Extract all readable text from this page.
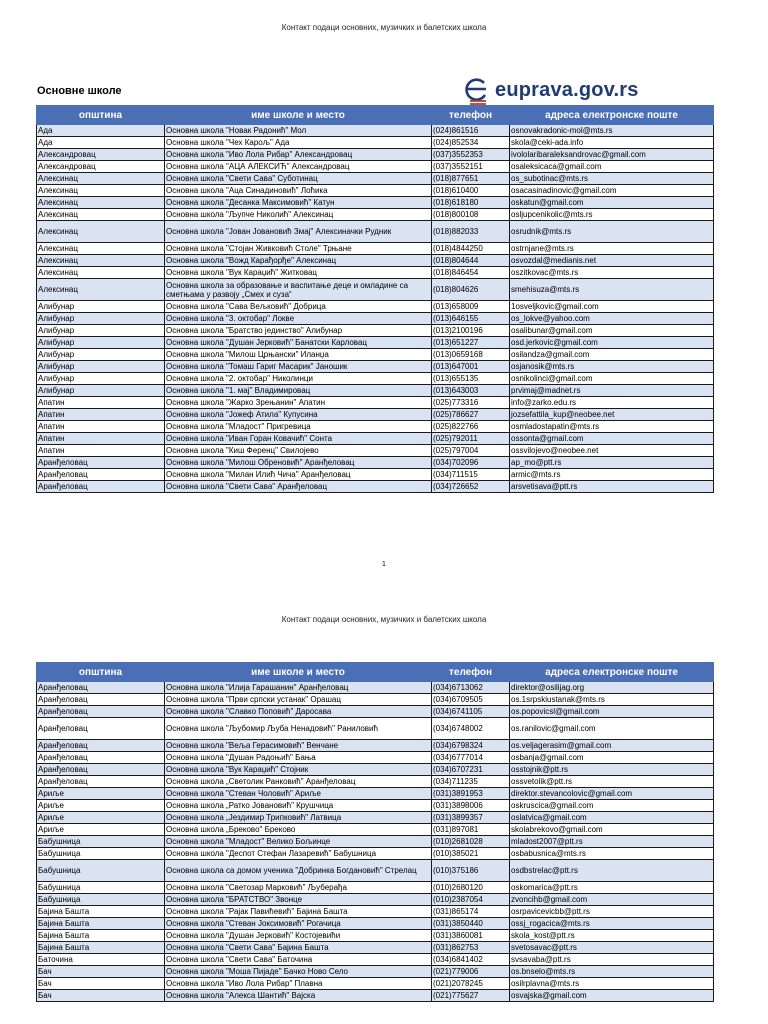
Контакт подаци основних, музичких и балетских школа
Основне школе	euprava.gov.rs
општина	име школе и место	телефон	адреса електронске поште
Ада	Основна школа "Новак Радонић" Мол	(024)861516	osnovakradonic-mol@mts.rs
Ада	Основна школа "Чех Карољ" Ада	(024)852534	skola@ceki-ada.info
Александровац	Основна школа "Иво Лола Рибар" Александровац	(037)3552353	ivololaribaraleksandrovac@gmail.com
Александровац	Основна школа "АЦА АЛЕКСИЋ" Александровац	(037)3552151	osaleksicaca@gmail.com
Алексинац	Основна школа "Свети Сава" Суботинац	(018)877651	os_subotinac@mts.rs
Алексинац	Основна школа "Аца Синадиновић" Лоћика	(018)610400	osacasinadinovic@gmail.com
Алексинац	Основна школа "Десанка Максимовић" Катун	(018)618180	oskatun@gmail.com
Алексинац	Основна школа "Љупче Николић" Алексинац	(018)800108	osljupcenikolic@mts.rs
Алексинац	Основна школа "Јован Јовановић Змај" Алексиначки Рудник	(018)882033	osrudnik@mts.rs
Алексинац	Основна школа "Стојан Живковић Столе" Трњане	(018)4844250	ostrnjane@mts.rs
Алексинац	Основна школа "Вожд Карађорђе" Алексинац	(018)804644	osvozdal@medianis.net
Алексинац	Основна школа "Вук Караџић" Житковац	(018)846454	oszitkovac@mts.rs
Алексинац	Основна школа за образовање и васпитање деце и омладине са сметњама у развоју „Смех и суза“	(018)804626	smehisuza@mts.rs
Алибунар	Основна школа "Сава Вељковић" Добрица	(013)658009	1osveljkovic@gmail.com
Алибунар	Основна школа "3. октобар" Локве	(013)646155	os_lokve@yahoo.com
Алибунар	Основна школа "Братство јединство" Алибунар	(013)2100196	osalibunar@gmail.com
Алибунар	Основна школа "Душан Јерковић" Банатски Карловац	(013)651227	osd.jerkovic@gmail.com
Алибунар	Основна школа "Милош Црњански" Иланџа	(013)0659168	osilandza@gmail.com
Алибунар	Основна школа "Томаш Гариг Масарик" Јаношик	(013)647001	osjanosik@mts.rs
Алибунар	Основна школа "2. октобар" Николинци	(013)655135	osnikolinci@gmail.com
Алибунар	Основна школа "1. мај" Владимировац	(013)643003	prvimaj@madnet.rs
Апатин	Основна школа "Жарко Зрењанин" Апатин	(025)773316	info@zarko.edu.rs
Апатин	Основна школа "Јожеф Атила" Купусина	(025)786627	jozsefattila_kup@neobee.net
Апатин	Основна школа "Младост" Пригревица	(025)822766	osmladostapatin@mts.rs
Апатин	Основна школа "Иван Горан Ковачић" Сонта	(025)792011	ossonta@gmail.com
Апатин	Основна школа "Киш Ференц" Свилојево	(025)797004	ossvilojevo@neobee.net
Аранђеловац	Основна школа "Милош Обреновић" Аранђеловац	(034)702096	ap_mo@ptt.rs
Аранђеловац	Основна школа "Милан Илић Чича" Аранђеловац	(034)711515	armic@mts.rs
Аранђеловац	Основна школа "Свети Сава" Аранђеловац	(034)726652	arsvetisava@ptt.rs
1
Контакт подаци основних, музичких и балетских школа
општина	име школе и место	телефон	адреса електронске поште
Аранђеловац	Основна школа "Илија Гарашанин" Аранђеловац	(034)6713062	direktor@osilijag.org
Аранђеловац	Основна школа "Први српски устанак" Орашац	(034)6709505	os.1srpskiustanak@mts.rs
Аранђеловац	Основна школа "Славко Поповић" Даросава	(034)6741105	os.popovicsl@gmail.com
Аранђеловац	Основна школа "Љубомир Љуба Ненадовић" Раниловић	(034)6748002	os.ranilovic@gmail.com
Аранђеловац	Основна школа "Веља Герасимовић" Венчане	(034)6798324	os.veljagerasim@gmail.com
Аранђеловац	Основна школа "Душан Радоњић" Бања	(034)6777014	osbanja@gmail.com
Аранђеловац	Основна школа "Вук Караџић" Стојник	(034)6707231	osstojnik@ptt.rs
Аранђеловац	Основна школа „Светолик Ранковић" Аранђеловац	(034)711235	ossvetolik@ptt.rs
Ариље	Основна школа "Стеван Чоловић" Ариље	(031)3891953	direktor.stevancolovic@gmail.com
Ариље	Основна школа „Ратко Јовановић" Крушчица	(031)3898006	oskruscica@gmail.com
Ариље	Основна школа „Јездимир Трипковић" Латвица	(031)3899357	oslatvica@gmail.com
Ариље	Основна школа „Бреково" Бреково	(031)897081	skolabrekovo@gmail.com
Бабушница	Основна школа "Младост" Велико Бољинце	(010)2681028	mladost2007@ptt.rs
Бабушница	Основна школа "Деспот Стефан Лазаревић" Бабушница	(010)385021	osbabusnica@mts.rs
Бабушница	Основна школа са домом ученика "Добринка Богдановић" Стрелац	(010)375186	osdbstrelac@ptt.rs
Бабушница	Основна школа "Светозар Марковић" Љуберађа	(010)2680120	oskomarica@ptt.rs
Бабушница	Основна школа "БРАТСТВО" Звонце	(010)2387054	zvoncihb@gmail.com
Бајина Башта	Основна школа "Рајак Павићевић" Бајина Башта	(031)865174	osrpavicevicbb@ptt.rs
Бајина Башта	Основна школа "Стеван Јоксимовић" Рогачица	(031)3850440	ossj_rogacica@mts.rs
Бајина Башта	Основна школа "Душан Јерковић" Костојевићи	(031)3860081	skola_kost@ptt.rs
Бајина Башта	Основна школа "Свети Сава" Бајина Башта	(031)862753	svetosavac@ptt.rs
Баточина	Основна школа "Свети Сава" Баточина	(034)6841402	svsavaba@ptt.rs
Бач	Основна школа "Моша Пијаде" Бачко Ново Село	(021)779006	os.bnselo@mts.rs
Бач	Основна школа "Иво Лола Рибар" Плавна	(021)2078245	osilrplavna@mts.rs
Бач	Основна школа "Алекса Шантић" Вајска	(021)775627	osvajska@gmail.com
